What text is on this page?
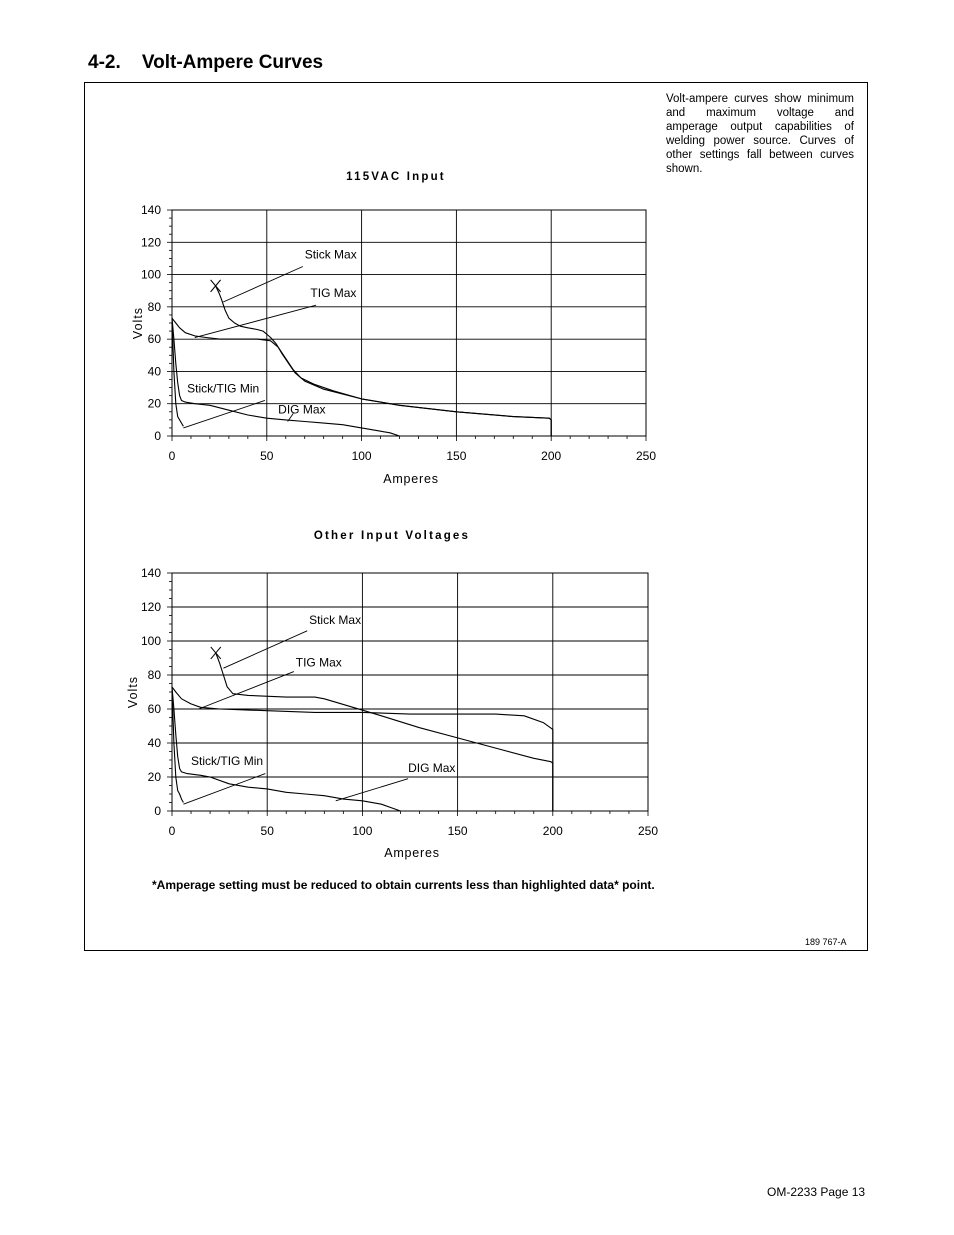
4-2. Volt-Ampere Curves
Volt-ampere curves show minimum and maximum voltage and amperage output capabilities of welding power source. Curves of other settings fall between curves shown.
115VAC Input
0
20
40
60
80
100
120
140
0	50	100	150	200	250
Amperes
Volts
Stick Max
TIG Max
Stick/TIG Min
DIG Max
Other Input Voltages
0
20
40
60
80
100
120
140
0	50	100	150	200	250
Amperes
Volts
Stick Max
TIG Max
Stick/TIG Min	DIG Max
*Amperage setting must be reduced to obtain currents less than highlighted data* point.
189 767-A
OM-2233 Page 13
